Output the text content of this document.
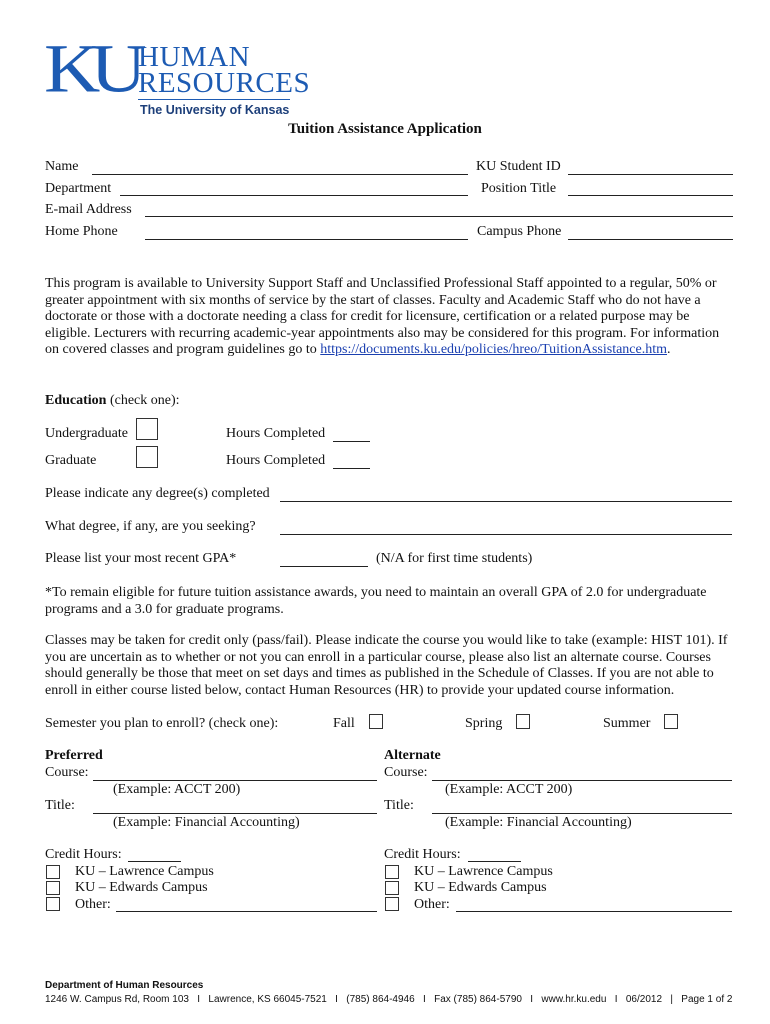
KU HUMAN
RESOURCES
The University of Kansas
Tuition Assistance Application
Name	KU Student ID
Department	Position Title
E-mail Address
Home Phone	Campus Phone
This program is available to University Support Staff and Unclassified Professional Staff appointed to a regular, 50% or greater appointment with six months of service by the start of classes. Faculty and Academic Staff who do not have a doctorate or those with a doctorate needing a class for credit for licensure, certification or a related purpose may be eligible. Lecturers with recurring academic-year appointments also may be considered for this program. For information on covered classes and program guidelines go to https://documents.ku.edu/policies/hreo/TuitionAssistance.htm.
Education (check one):
Undergraduate	Hours Completed
Graduate	Hours Completed
Please indicate any degree(s) completed
What degree, if any, are you seeking?
Please list your most recent GPA*	(N/A for first time students)
*To remain eligible for future tuition assistance awards, you need to maintain an overall GPA of 2.0 for undergraduate programs and a 3.0 for graduate programs.
Classes may be taken for credit only (pass/fail). Please indicate the course you would like to take (example: HIST 101). If you are uncertain as to whether or not you can enroll in a particular course, please also list an alternate course. Courses should generally be those that meet on set days and times as published in the Schedule of Classes. If you are not able to enroll in either course listed below, contact Human Resources (HR) to provide your updated course information.
Semester you plan to enroll? (check one):	Fall	Spring	Summer
Preferred
Course:
(Example: ACCT 200)
Title:
(Example: Financial Accounting)
Credit Hours:
KU – Lawrence Campus
KU – Edwards Campus
Other:
Alternate
Course:
(Example: ACCT 200)
Title:
(Example: Financial Accounting)
Credit Hours:
KU – Lawrence Campus
KU – Edwards Campus
Other:
Department of Human Resources
1246 W. Campus Rd, Room 103   I   Lawrence, KS 66045-7521   I   (785) 864-4946   I   Fax (785) 864-5790   I   www.hr.ku.edu   I   06/2012   |   Page 1 of 2
